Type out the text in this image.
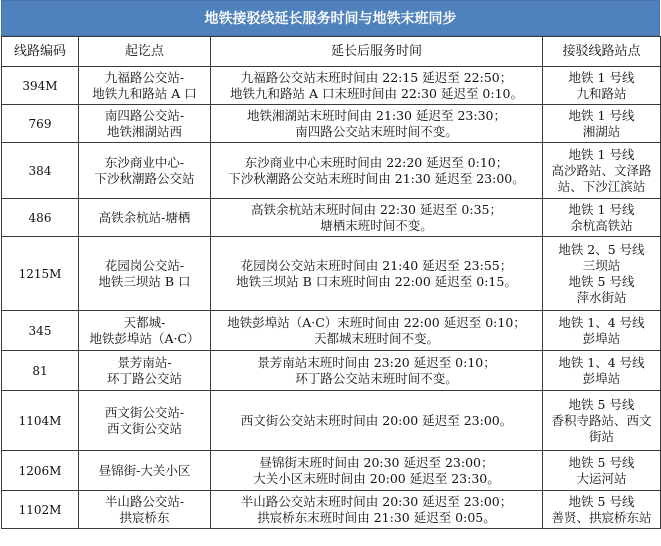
地铁接驳线延长服务时间与地铁末班同步
线路编码	起讫点	延长后服务时间	接驳线路站点
394M	九福路公交站-
地铁九和路站 A 口	九福路公交站末班时间由 22:15 延迟至 22:50；
地铁九和路站 A 口末班时间由 22:30 延迟至 0:10。	地铁 1 号线
九和路站

769	南四路公交站-
地铁湘湖站西	地铁湘湖站末班时间由 21:30 延迟至 23:30；
南四路公交站末班时间不变。	地铁 1 号线
湘湖站

384	东沙商业中心-
下沙秋潮路公交站	东沙商业中心末班时间由 22:20 延迟至 0:10；
下沙秋潮路公交站末班时间由 21:30 延迟至 23:00。	地铁 1 号线
高沙路站、文泽路
站、下沙江滨站

486	高铁余杭站-塘栖	高铁余杭站末班时间由 22:30 延迟至 0:35；
塘栖末班时间不变。	地铁 1 号线
余杭高铁站

1215M	花园岗公交站-
地铁三坝站 B 口	花园岗公交站末班时间由 21:40 延迟至 23:55；
地铁三坝站 B 口末班时间由 22:00 延迟至 0:15。	地铁 2、5 号线
三坝站
地铁 5 号线
萍水街站

345	天都城-
地铁彭埠站（A·C）	地铁彭埠站（A·C）末班时间由 22:00 延迟至 0:10；
天都城末班时间不变。	地铁 1、4 号线
彭埠站

81	景芳南站-
环丁路公交站	景芳南站末班时间由 23:20 延迟至 0:10；
环丁路公交站末班时间不变。	地铁 1、4 号线
彭埠站

1104M	西文街公交站-
西文街公交站	西文街公交站末班时间由 20:00 延迟至 23:00。	地铁 5 号线
香积寺路站、西文
街站

1206M	昼锦街-大关小区	昼锦街末班时间由 20:30 延迟至 23:00；
大关小区末班时间由 20:00 延迟至 23:30。	地铁 5 号线
大运河站

1102M	半山路公交站-
拱宸桥东	半山路公交站末班时间由 20:30 延迟至 23:00；
拱宸桥东末班时间由 21:30 延迟至 0:05。	地铁 5 号线
善贤、拱宸桥东站
